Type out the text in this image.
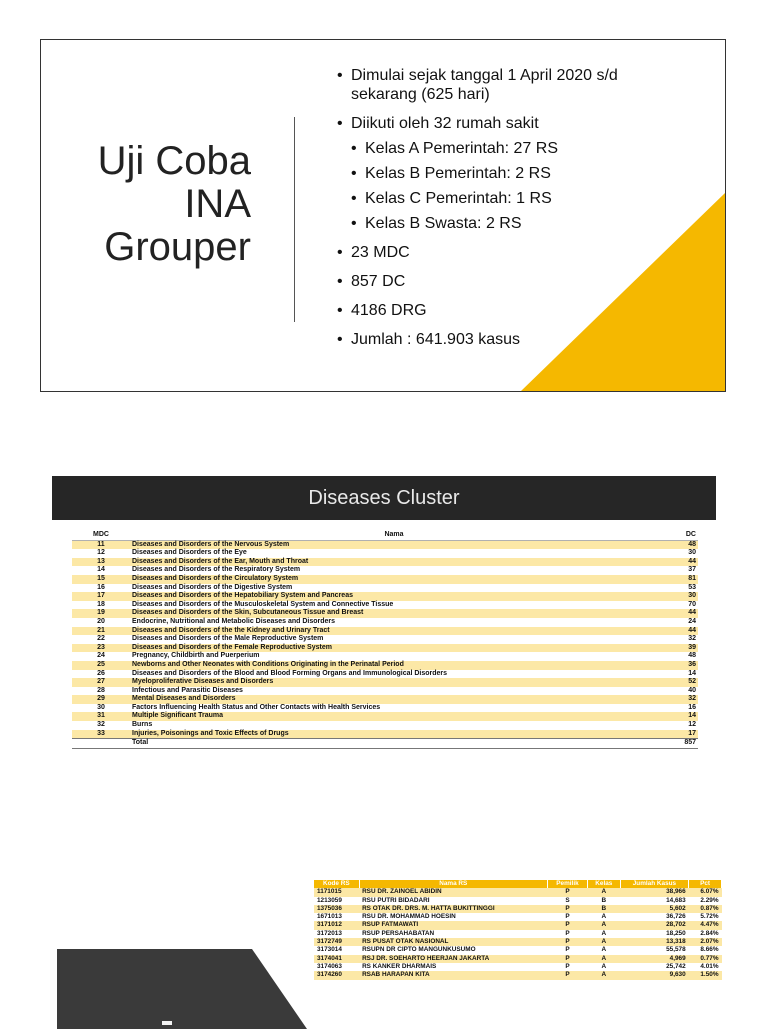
Uji Coba
INA
Grouper
• Dimulai sejak tanggal 1 April 2020 s/d sekarang (625 hari)
• Diikuti oleh 32 rumah sakit
• Kelas A Pemerintah: 27 RS
• Kelas B Pemerintah: 2 RS
• Kelas C Pemerintah: 1 RS
• Kelas B Swasta: 2 RS
• 23 MDC
• 857 DC
• 4186 DRG
• Jumlah : 641.903 kasus
Diseases Cluster
MDC	Nama	DC
11	Diseases and Disorders of the Nervous System	48
12	Diseases and Disorders of the Eye	30
13	Diseases and Disorders of the Ear, Mouth and Throat	44
14	Diseases and Disorders of the Respiratory System	37
15	Diseases and Disorders of the Circulatory System	81
16	Diseases and Disorders of the Digestive System	53
17	Diseases and Disorders of the Hepatobiliary System and Pancreas	30
18	Diseases and Disorders of the Musculoskeletal System and Connective Tissue	70
19	Diseases and Disorders of the Skin, Subcutaneous Tissue and Breast	44
20	Endocrine, Nutritional and Metabolic Diseases and Disorders	24
21	Diseases and Disorders of the the Kidney and Urinary Tract	44
22	Diseases and Disorders of the Male Reproductive System	32
23	Diseases and Disorders of the Female Reproductive System	39
24	Pregnancy, Childbirth and Puerperium	48
25	Newborns and Other Neonates with Conditions Originating in the Perinatal Period	36
26	Diseases and Disorders of the Blood and Blood Forming Organs and Immunological Disorders	14
27	Myeloproliferative Diseases and Disorders	52
28	Infectious and Parasitic Diseases	40
29	Mental Diseases and Disorders	32
30	Factors Influencing Health Status and Other Contacts with Health Services	16
31	Multiple Significant Trauma	14
32	Burns	12
33	Injuries, Poisonings and Toxic Effects of Drugs	17
	Total	857
Kode RS	Nama RS	Pemilik	Kelas	Jumlah Kasus	Pct
1171015	RSU DR. ZAINOEL ABIDIN	P	A	38,966	6.07%
1213059	RSU PUTRI BIDADARI	S	B	14,683	2.29%
1375036	RS OTAK DR. DRS. M. HATTA BUKITTINGGI	P	B	5,602	0.87%
1671013	RSU DR. MOHAMMAD HOESIN	P	A	36,726	5.72%
3171012	RSUP FATMAWATI	P	A	28,702	4.47%
3172013	RSUP PERSAHABATAN	P	A	18,250	2.84%
3172749	RS PUSAT OTAK NASIONAL	P	A	13,318	2.07%
3173014	RSUPN DR CIPTO MANGUNKUSUMO	P	A	55,578	8.66%
3174041	RSJ DR. SOEHARTO HEERJAN JAKARTA	P	A	4,969	0.77%
3174063	RS KANKER DHARMAIS	P	A	25,742	4.01%
3174260	RSAB HARAPAN KITA	P	A	9,630	1.50%
